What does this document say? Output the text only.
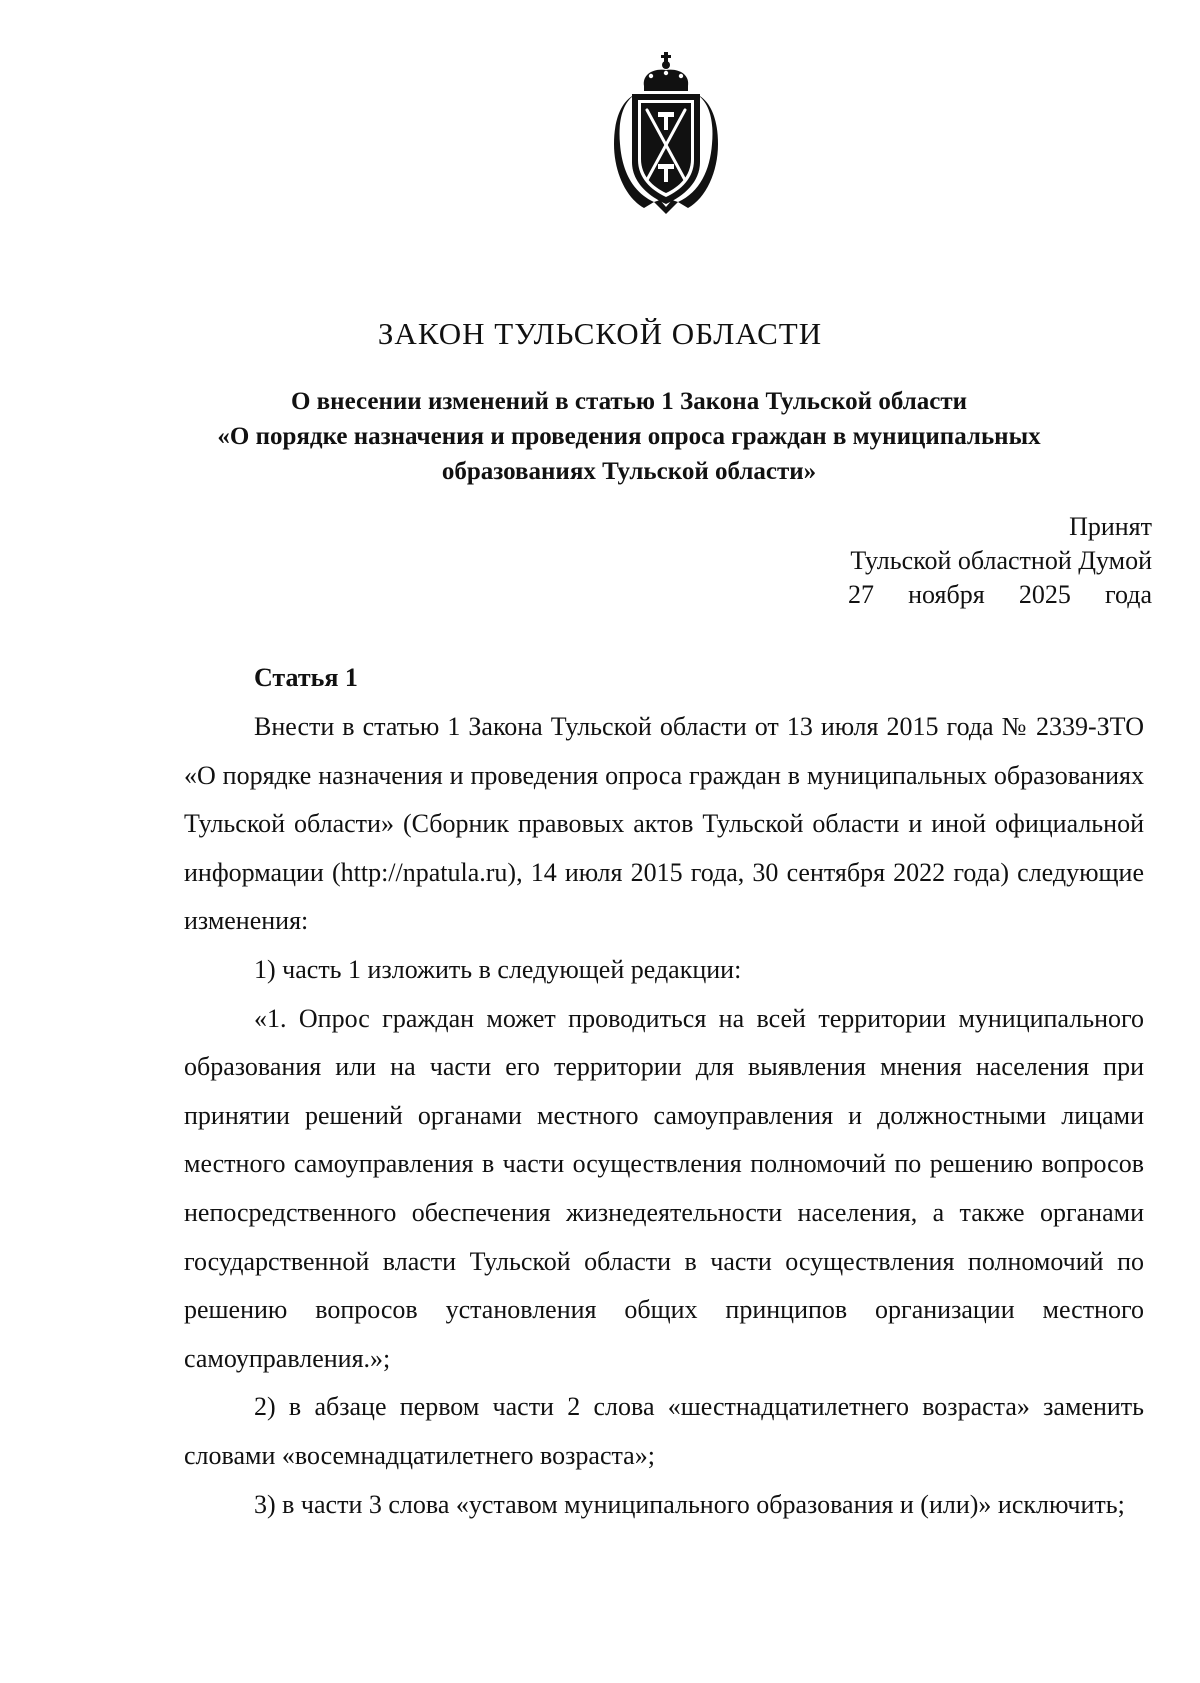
ЗАКОН ТУЛЬСКОЙ ОБЛАСТИ
О внесении изменений в статью 1 Закона Тульской области
«О порядке назначения и проведения опроса граждан в муниципальных
образованиях Тульской области»
Принят
Тульской областной Думой
27 ноября 2025 года
Статья 1

Внести в статью 1 Закона Тульской области от 13 июля 2015 года № 2339-ЗТО «О порядке назначения и проведения опроса граждан в муниципальных образованиях Тульской области» (Сборник правовых актов Тульской области и иной официальной информации (http://npatula.ru), 14 июля 2015 года, 30 сентября 2022 года) следующие изменения:

1) часть 1 изложить в следующей редакции:

«1. Опрос граждан может проводиться на всей территории муниципального образования или на части его территории для выявления мнения населения при принятии решений органами местного самоуправления и должностными лицами местного самоуправления в части осуществления полномочий по решению вопросов непосредственного обеспечения жизнедеятельности населения, а также органами государственной власти Тульской области в части осуществления полномочий по решению вопросов установления общих принципов организации местного самоуправления.»;

2) в абзаце первом части 2 слова «шестнадцатилетнего возраста» заменить словами «восемнадцатилетнего возраста»;

3) в части 3 слова «уставом муниципального образования и (или)» исключить;
